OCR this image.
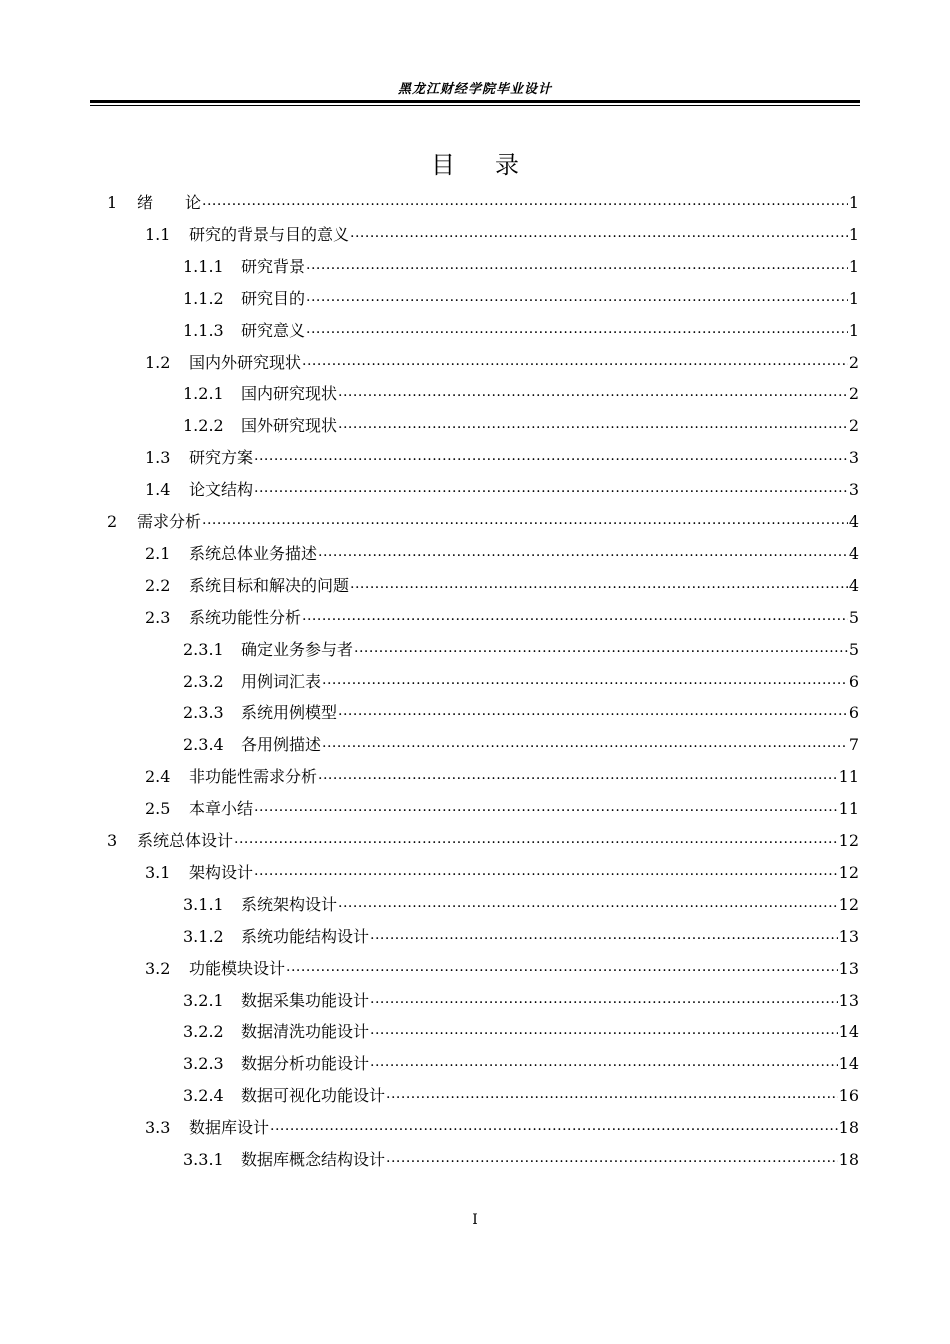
黑龙江财经学院毕业设计
目录
1	绪　　论 .....	1
1.1	研究的背景与目的意义 .....	1
1.1.1	研究背景 .....	1
1.1.2	研究目的 .....	1
1.1.3	研究意义 .....	1
1.2	国内外研究现状 .....	2
1.2.1	国内研究现状 .....	2
1.2.2	国外研究现状 .....	2
1.3	研究方案 .....	3
1.4	论文结构 .....	3
2	需求分析 .....	4
2.1	系统总体业务描述 .....	4
2.2	系统目标和解决的问题 .....	4
2.3	系统功能性分析 .....	5
2.3.1	确定业务参与者 .....	5
2.3.2	用例词汇表 .....	6
2.3.3	系统用例模型 .....	6
2.3.4	各用例描述 .....	7
2.4	非功能性需求分析 .....	11
2.5	本章小结 .....	11
3	系统总体设计 .....	12
3.1	架构设计 .....	12
3.1.1	系统架构设计 .....	12
3.1.2	系统功能结构设计 .....	13
3.2	功能模块设计 .....	13
3.2.1	数据采集功能设计 .....	13
3.2.2	数据清洗功能设计 .....	14
3.2.3	数据分析功能设计 .....	14
3.2.4	数据可视化功能设计 .....	16
3.3	数据库设计 .....	18
3.3.1	数据库概念结构设计 .....	18
I
